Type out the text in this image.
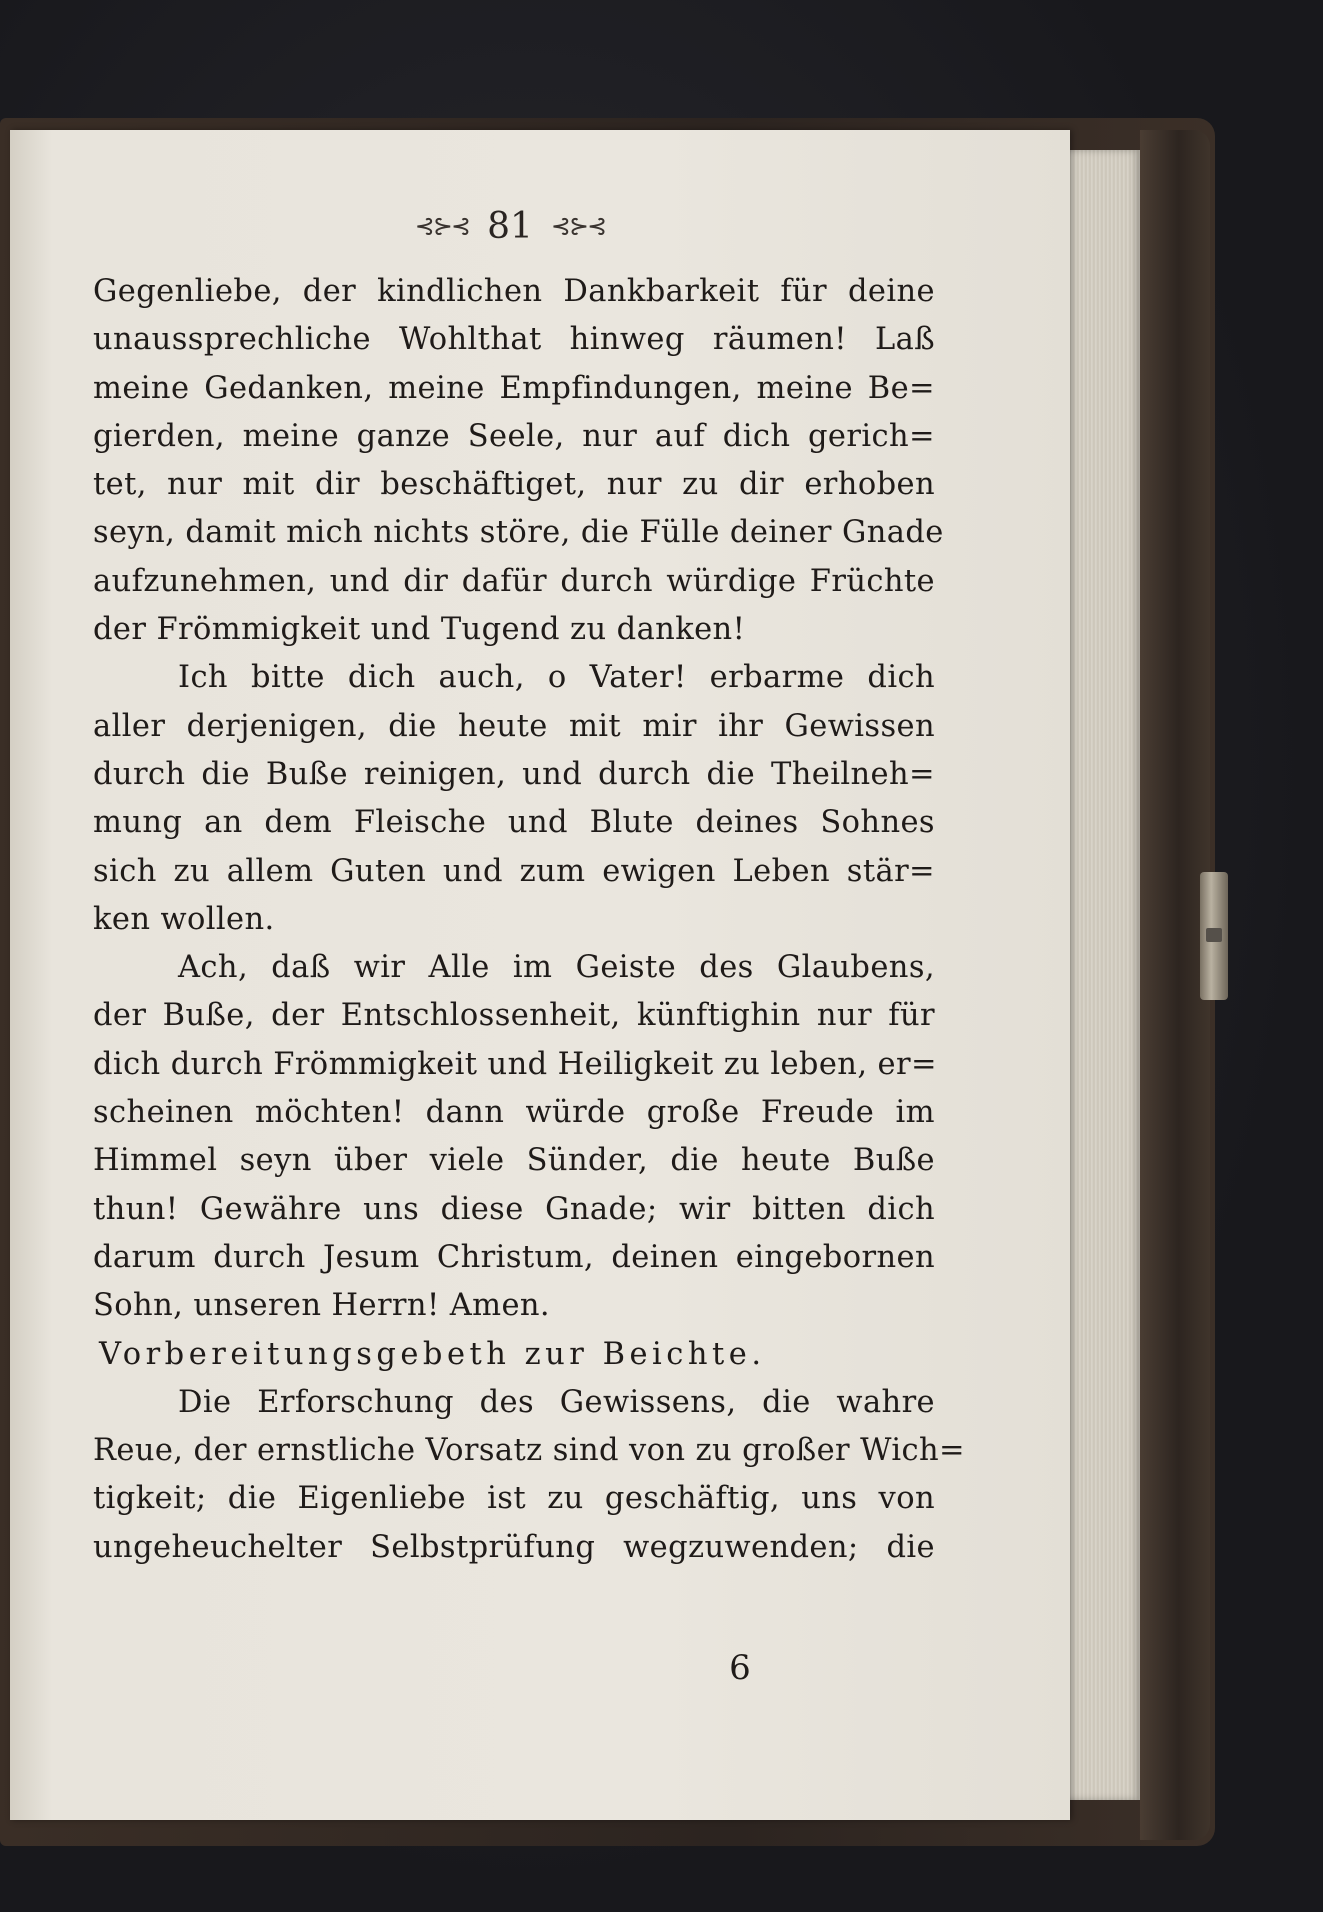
⊰⊱⊰ 81 ⊰⊱⊰
Gegenliebe, der kindlichen Dankbarkeit für deine
unaussprechliche Wohlthat hinweg räumen! Laß
meine Gedanken, meine Empfindungen, meine Be=
gierden, meine ganze Seele, nur auf dich gerich=
tet, nur mit dir beschäftiget, nur zu dir erhoben
seyn, damit mich nichts störe, die Fülle deiner Gnade
aufzunehmen, und dir dafür durch würdige Früchte
der Frömmigkeit und Tugend zu danken!
Ich bitte dich auch, o Vater! erbarme dich
aller derjenigen, die heute mit mir ihr Gewissen
durch die Buße reinigen, und durch die Theilneh=
mung an dem Fleische und Blute deines Sohnes
sich zu allem Guten und zum ewigen Leben stär=
ken wollen.
Ach, daß wir Alle im Geiste des Glaubens,
der Buße, der Entschlossenheit, künftighin nur für
dich durch Frömmigkeit und Heiligkeit zu leben, er=
scheinen möchten! dann würde große Freude im
Himmel seyn über viele Sünder, die heute Buße
thun! Gewähre uns diese Gnade; wir bitten dich
darum durch Jesum Christum, deinen eingebornen
Sohn, unseren Herrn! Amen.
Vorbereitungsgebeth zur Beichte.
Die Erforschung des Gewissens, die wahre
Reue, der ernstliche Vorsatz sind von zu großer Wich=
tigkeit; die Eigenliebe ist zu geschäftig, uns von
ungeheuchelter Selbstprüfung wegzuwenden; die
6
